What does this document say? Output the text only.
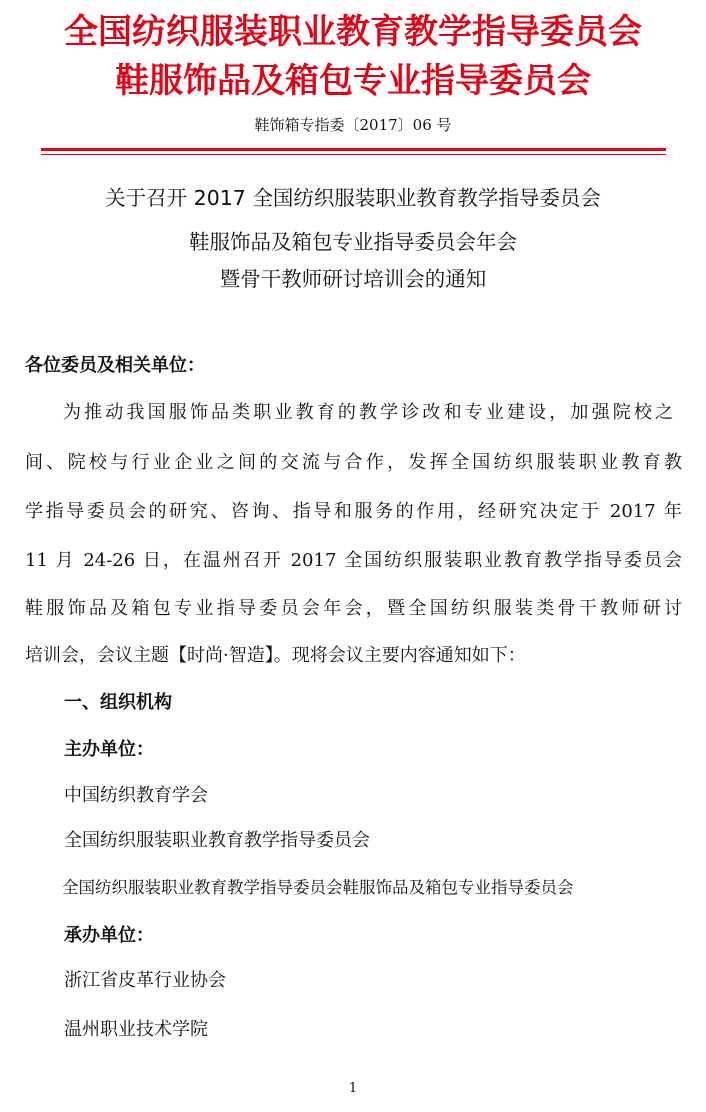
全国纺织服装职业教育教学指导委员会
鞋服饰品及箱包专业指导委员会
鞋饰箱专指委〔2017〕06 号
关于召开 2017 全国纺织服装职业教育教学指导委员会
鞋服饰品及箱包专业指导委员会年会
暨骨干教师研讨培训会的通知
各位委员及相关单位：
为推动我国服饰品类职业教育的教学诊改和专业建设，加强院校之
间、院校与行业企业之间的交流与合作，发挥全国纺织服装职业教育教
学指导委员会的研究、咨询、指导和服务的作用，经研究决定于 2017 年
11 月 24-26 日，在温州召开 2017 全国纺织服装职业教育教学指导委员会
鞋服饰品及箱包专业指导委员会年会，暨全国纺织服装类骨干教师研讨
培训会，会议主题【时尚·智造】。现将会议主要内容通知如下：
一、组织机构
主办单位：
中国纺织教育学会
全国纺织服装职业教育教学指导委员会
全国纺织服装职业教育教学指导委员会鞋服饰品及箱包专业指导委员会
承办单位：
浙江省皮革行业协会
温州职业技术学院
1
